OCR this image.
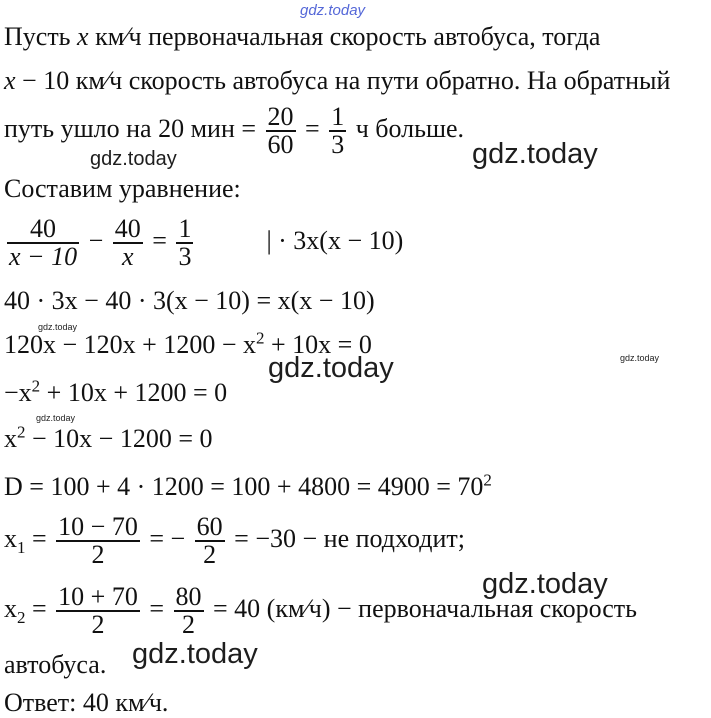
gdz.today
gdz.today	gdz.today
gdz.today
gdz.today
gdz.today
gdz.today
gdz.today
gdz.today
Пусть x км⁄ч первоначальная скорость автобуса, тогда
x − 10 км⁄ч скорость автобуса на пути обратно. На обратный
путь ушло на 20 мин = $\frac{20}{60} = \frac{1}{3}$ ч больше.
Составим уравнение:
$\frac{40}{x - 10} - \frac{40}{x} = \frac{1}{3}$	| · 3x(x − 10)
40 · 3x − 40 · 3(x − 10) = x(x − 10)
$120x - 120x + 1200 - x^2 + 10x = 0$
$-x^2 + 10x + 1200 = 0$
$x^2 - 10x - 1200 = 0$
$D = 100 + 4 \cdot 1200 = 100 + 4800 = 4900 = 70^2$
$x_1 = \frac{10 - 70}{2}$ = − $\frac{60}{2} = -30$ − не подходит;
$x_2 = \frac{10 + 70}{2} = \frac{80}{2} = 40$ (км⁄ч) − первоначальная скорость
автобуса.
Ответ: 40 км⁄ч.
